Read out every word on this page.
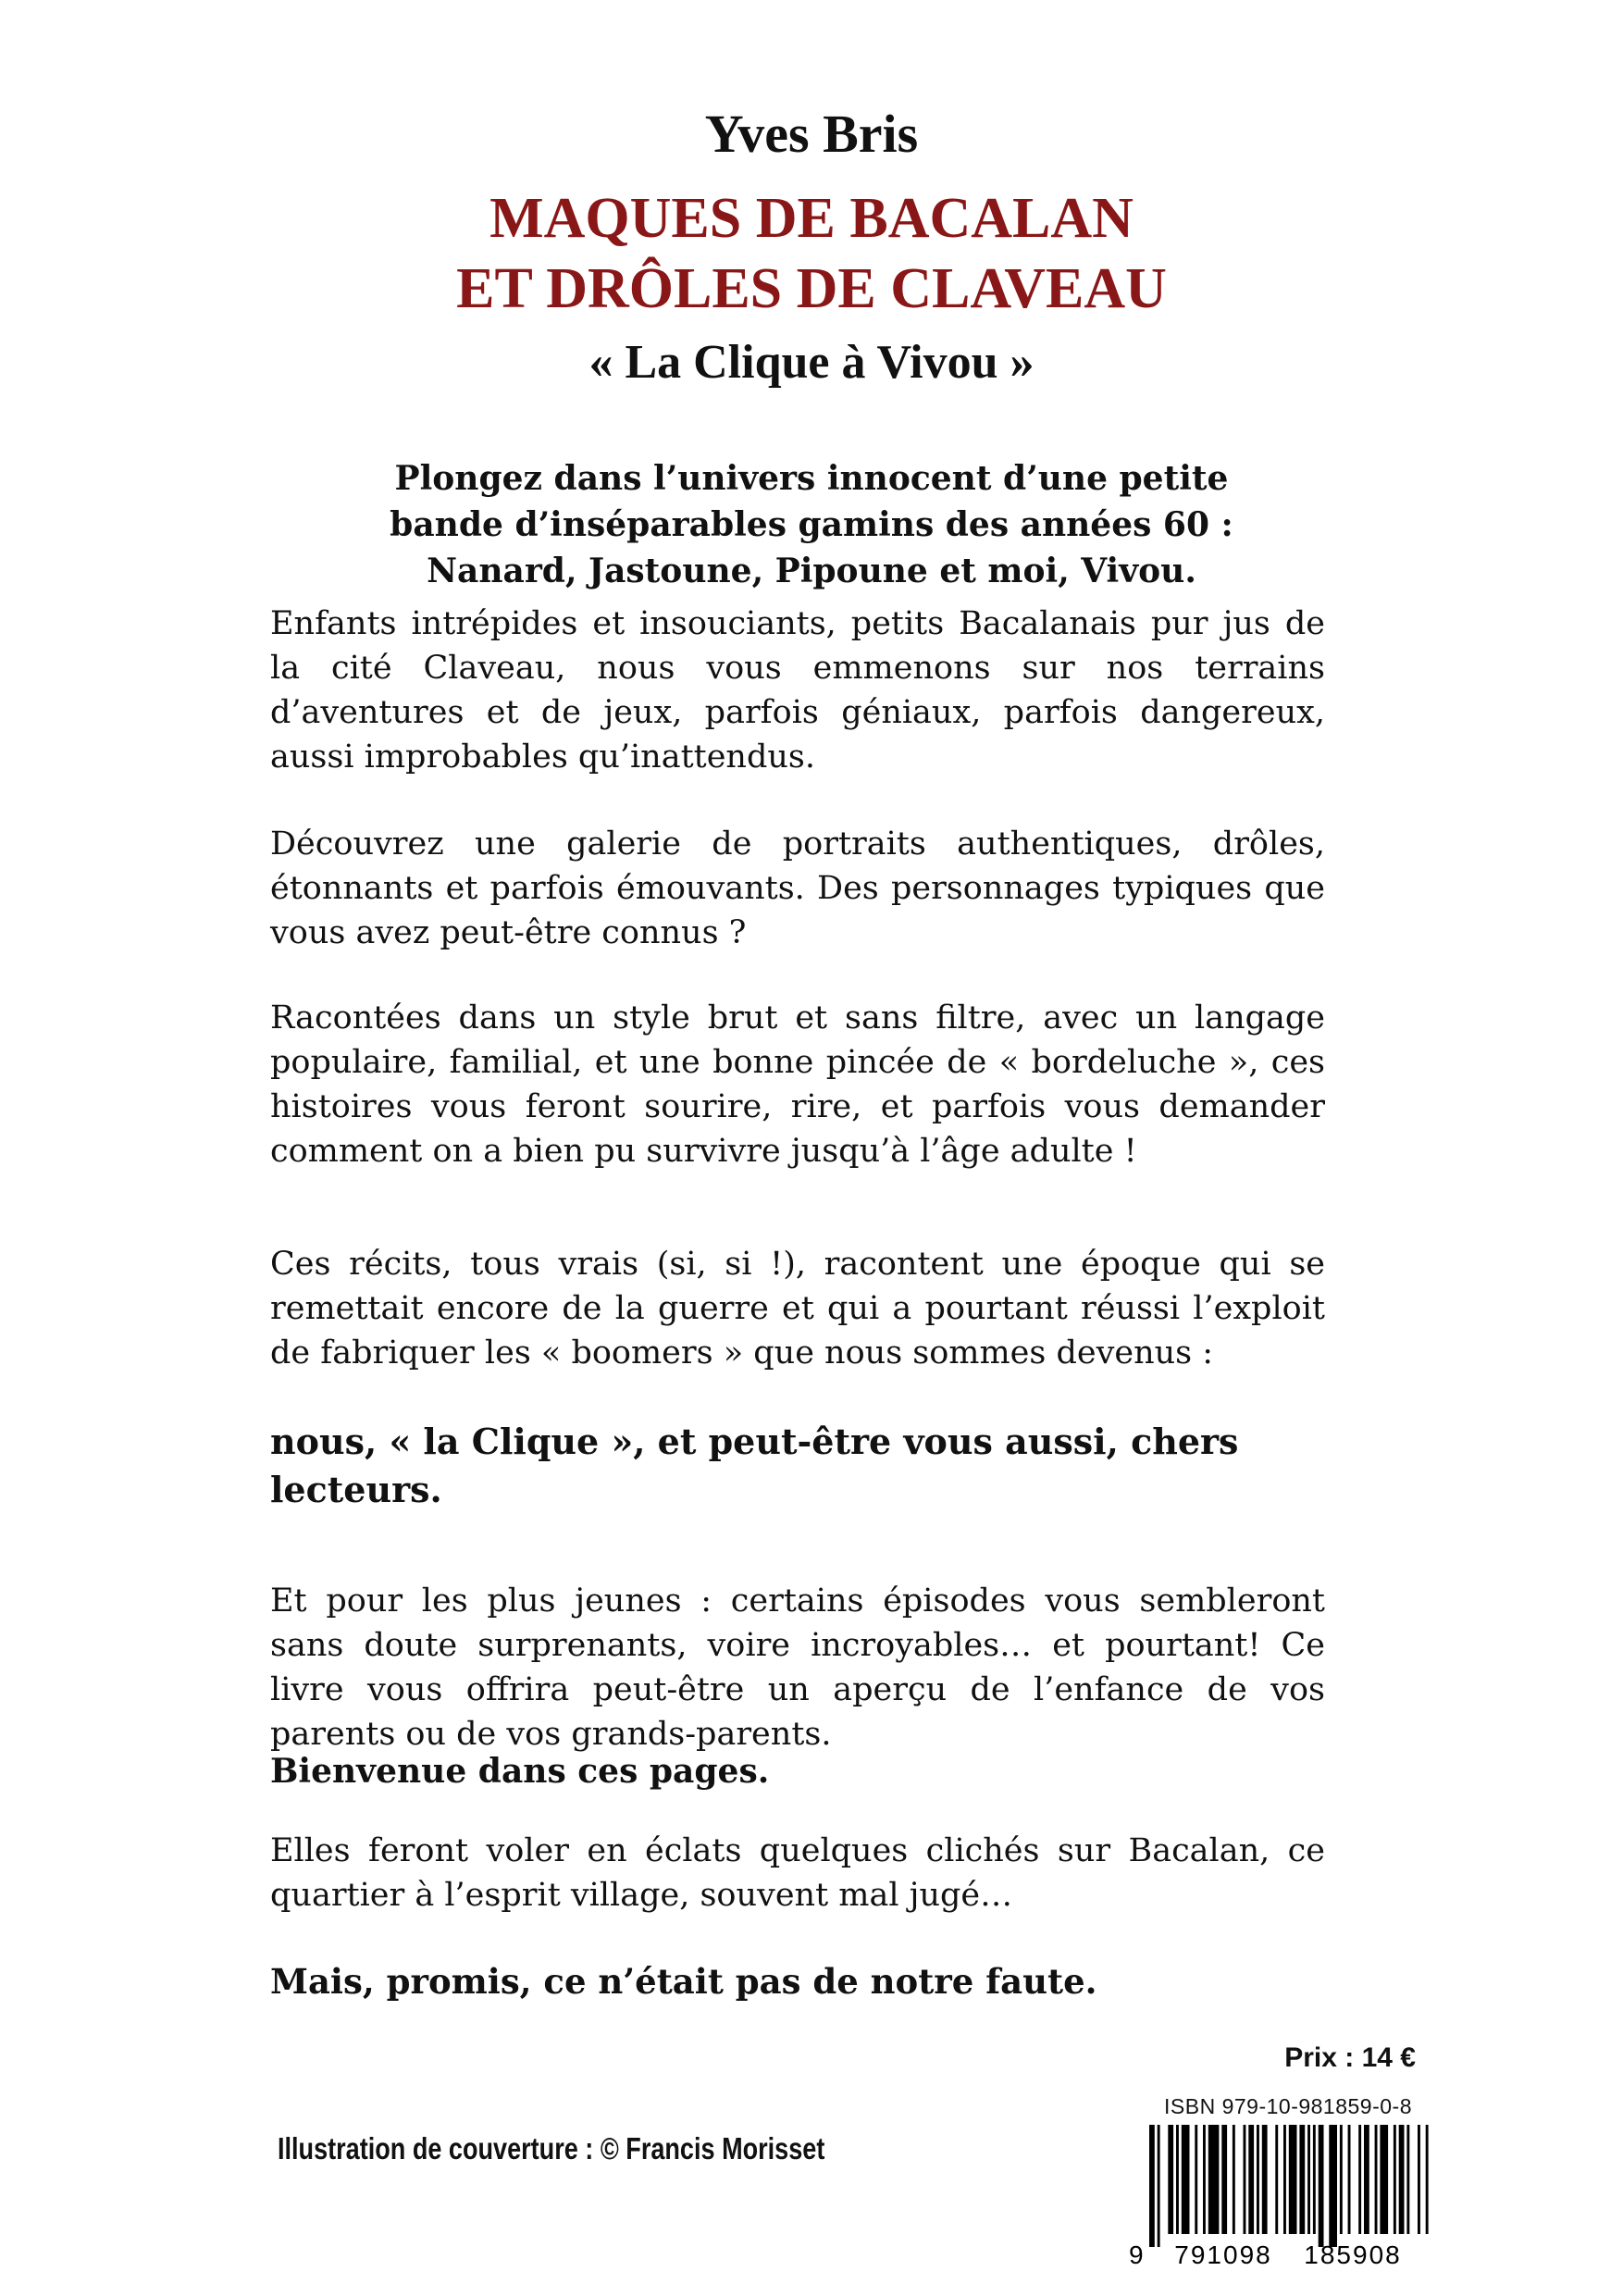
Yves Bris
MAQUES DE BACALAN
ET DRÔLES DE CLAVEAU
« La Clique à Vivou »

Plongez dans l’univers innocent d’une petite
bande d’inséparables gamins des années 60 :
Nanard, Jastoune, Pipoune et moi, Vivou.

Enfants intrépides et insouciants, petits Bacalanais pur jus de la cité Claveau, nous vous emmenons sur nos terrains d’aventures et de jeux, parfois géniaux, parfois dangereux, aussi improbables qu’inattendus.

Découvrez une galerie de portraits authentiques, drôles, étonnants et parfois émouvants. Des personnages typiques que vous avez peut-être connus ?

Racontées dans un style brut et sans filtre, avec un langage populaire, familial, et une bonne pincée de « bordeluche », ces histoires vous feront sourire, rire, et parfois vous demander comment on a bien pu survivre jusqu’à l’âge adulte !

Ces récits, tous vrais (si, si !), racontent une époque qui se remettait encore de la guerre et qui a pourtant réussi l’exploit de fabriquer les « boomers » que nous sommes devenus :

nous, « la Clique », et peut-être vous aussi, chers lecteurs.

Et pour les plus jeunes : certains épisodes vous sembleront sans doute surprenants, voire incroyables… et pourtant! Ce livre vous offrira peut-être un aperçu de l’enfance de vos parents ou de vos grands-parents.

Bienvenue dans ces pages.

Elles feront voler en éclats quelques clichés sur Bacalan, ce quartier à l’esprit village, souvent mal jugé…

Mais, promis, ce n’était pas de notre faute.

Prix : 14 €

ISBN 979-10-981859-0-8

9 791098 185908

Illustration de couverture : © Francis Morisset
